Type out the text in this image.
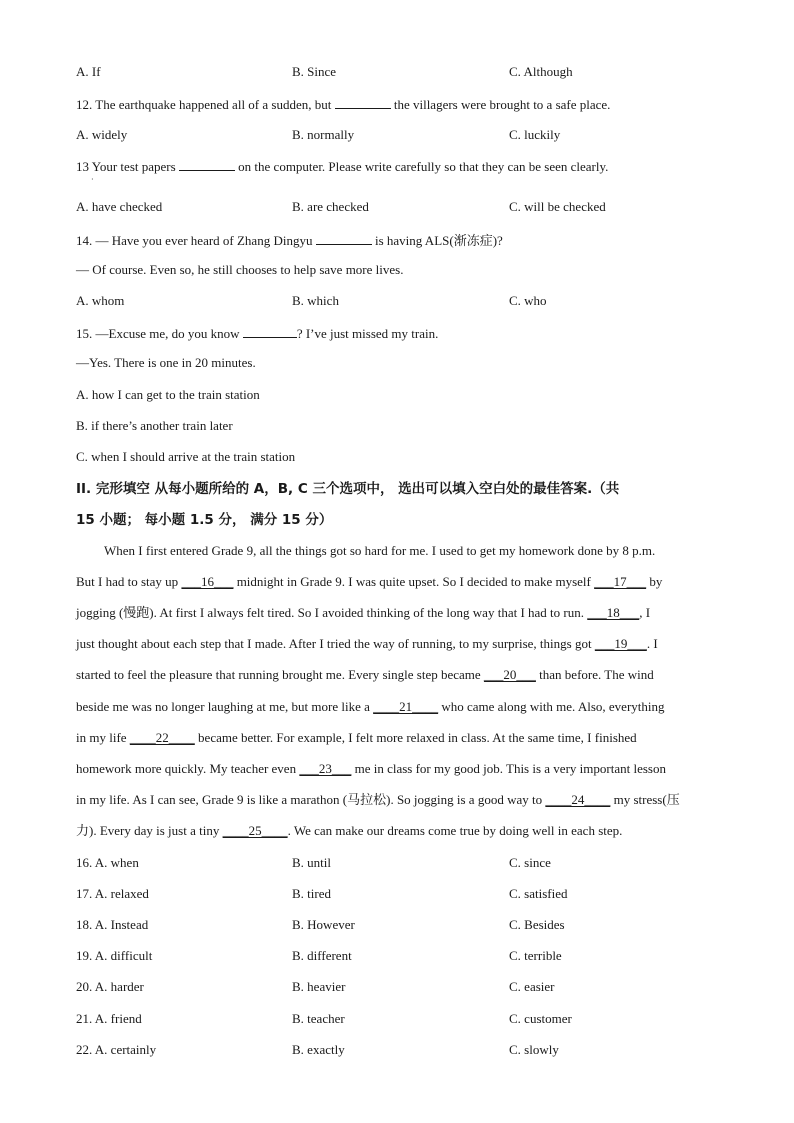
A. If	B. Since	C. Although
12. The earthquake happened all of a sudden, but	the villagers were brought to a safe place.
A. widely	B. normally	C. luckily
13 Your test papers	on the computer. Please write carefully so that they can be seen clearly.
·
A. have checked	B. are checked	C. will be checked
14. — Have you ever heard of Zhang Dingyu	is having ALS(渐冻症)?
— Of course. Even so, he still chooses to help save more lives.
A. whom	B. which	C. who
15. —Excuse me, do you know	? I’ve just missed my train.
—Yes. There is one in 20 minutes.
A. how I can get to the train station
B. if there’s another train later
C. when I should arrive at the train station
II. 完形填空 从每小题所给的 A，B, C 三个选项中， 选出可以填入空白处的最佳答案.（共
15 小题； 每小题 1.5 分， 满分 15 分）
When I first entered Grade 9, all the things got so hard for me. I used to get my homework done by 8 p.m.
But I had to stay up ___16___ midnight in Grade 9. I was quite upset. So I decided to make myself ___17___ by
jogging (慢跑). At first I always felt tired. So I avoided thinking of the long way that I had to run. ___18___, I
just thought about each step that I made. After I tried the way of running, to my surprise, things got ___19___. I
started to feel the pleasure that running brought me. Every single step became ___20___ than before. The wind
beside me was no longer laughing at me, but more like a ____21____ who came along with me. Also, everything
in my life ____22____ became better. For example, I felt more relaxed in class. At the same time, I finished
homework more quickly. My teacher even ___23___ me in class for my good job. This is a very important lesson
in my life. As I can see, Grade 9 is like a marathon (马拉松). So jogging is a good way to ____24____ my stress(压
力). Every day is just a tiny ____25____. We can make our dreams come true by doing well in each step.
16. A. when	B. until	C. since
17. A. relaxed	B. tired	C. satisfied
18. A. Instead	B. However	C. Besides
19. A. difficult	B. different	C. terrible
20. A. harder	B. heavier	C. easier
21. A. friend	B. teacher	C. customer
22. A. certainly	B. exactly	C. slowly
